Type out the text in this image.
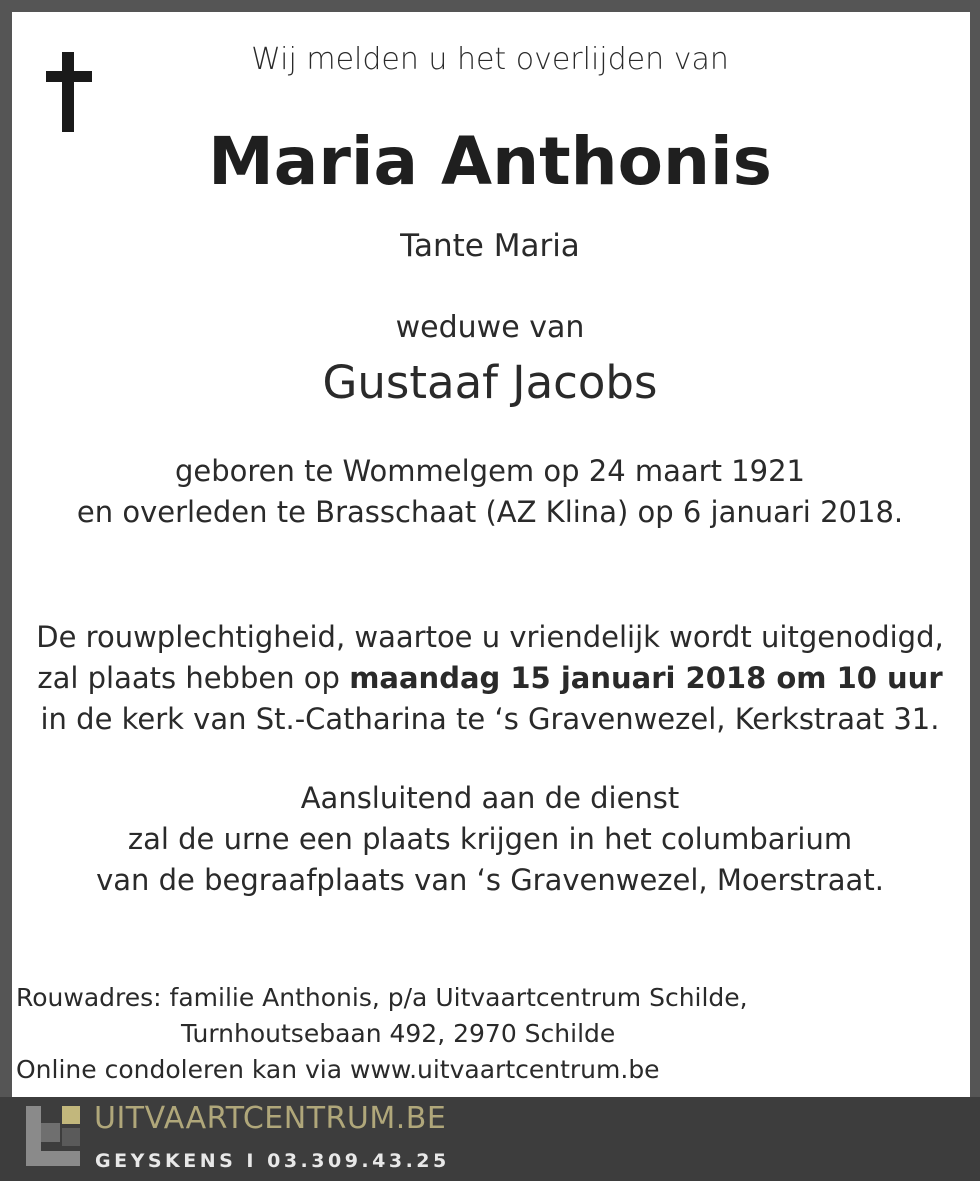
Wij melden u het overlijden van
Maria Anthonis
Tante Maria
weduwe van
Gustaaf Jacobs
geboren te Wommelgem op 24 maart 1921
en overleden te Brasschaat (AZ Klina) op 6 januari 2018.
De rouwplechtigheid, waartoe u vriendelijk wordt uitgenodigd,
zal plaats hebben op maandag 15 januari 2018 om 10 uur
in de kerk van St.-Catharina te ‘s Gravenwezel, Kerkstraat 31.
Aansluitend aan de dienst
zal de urne een plaats krijgen in het columbarium
van de begraafplaats van ‘s Gravenwezel, Moerstraat.
Rouwadres: familie Anthonis, p/a Uitvaartcentrum Schilde,
Turnhoutsebaan 492, 2970 Schilde
Online condoleren kan via www.uitvaartcentrum.be
UITVAARTCENTRUM.BE
GEYSKENS I 03.309.43.25
